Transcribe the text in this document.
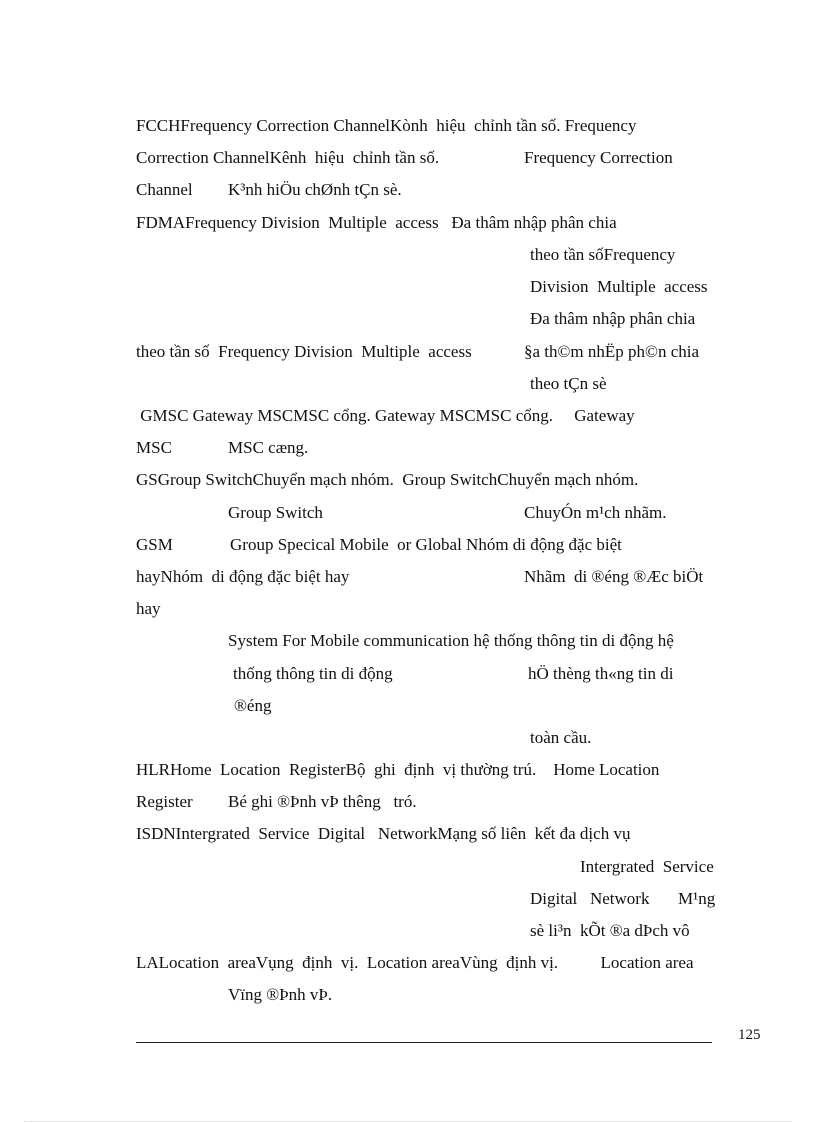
FCCHFrequency Correction ChannelKònh  hiệu  chỉnh tần số. Frequency
Correction ChannelKênh  hiệu  chỉnh tần số.	Frequency Correction
Channel K³nh hiÖu chØnh tÇn sè.
FDMAFrequency Division  Multiple  access   Đa thâm nhập phân chia
theo tần sốFrequency
Division  Multiple  access
Đa thâm nhập phân chia
theo tần số  Frequency Division  Multiple  access	§a th©m nhËp ph©n chia
theo tÇn sè
GMSC Gateway MSCMSC cổng. Gateway MSCMSC cổng.     Gateway
MSC	MSC cæng.
GSGroup SwitchChuyển mạch nhóm.  Group SwitchChuyển mạch nhóm.
Group Switch	ChuyÓn m¹ch nhãm.
GSM	Group Specical Mobile  or Global Nhóm di động đặc biệt
hayNhóm  di động đặc biệt hay	Nhãm  di ®éng ®Æc biÖt
hay
System For Mobile communication hệ thống thông tin di động hệ
thống thông tin di động	hÖ thèng th«ng tin di
®éng
toàn cầu.
HLRHome  Location  RegisterBộ  ghi  định  vị thường trú.    Home Location
Register Bé ghi ®Þnh vÞ thêng   tró.
ISDNIntergrated  Service  Digital   NetworkMạng số liên  kết đa dịch vụ
Intergrated  Service
Digital   Network M¹ng
sè li³n  kÕt ®a dÞch vô
LALocation  areaVụng  định  vị.  Location areaVùng  định vị.          Location area
Vïng ®Þnh vÞ.
125
